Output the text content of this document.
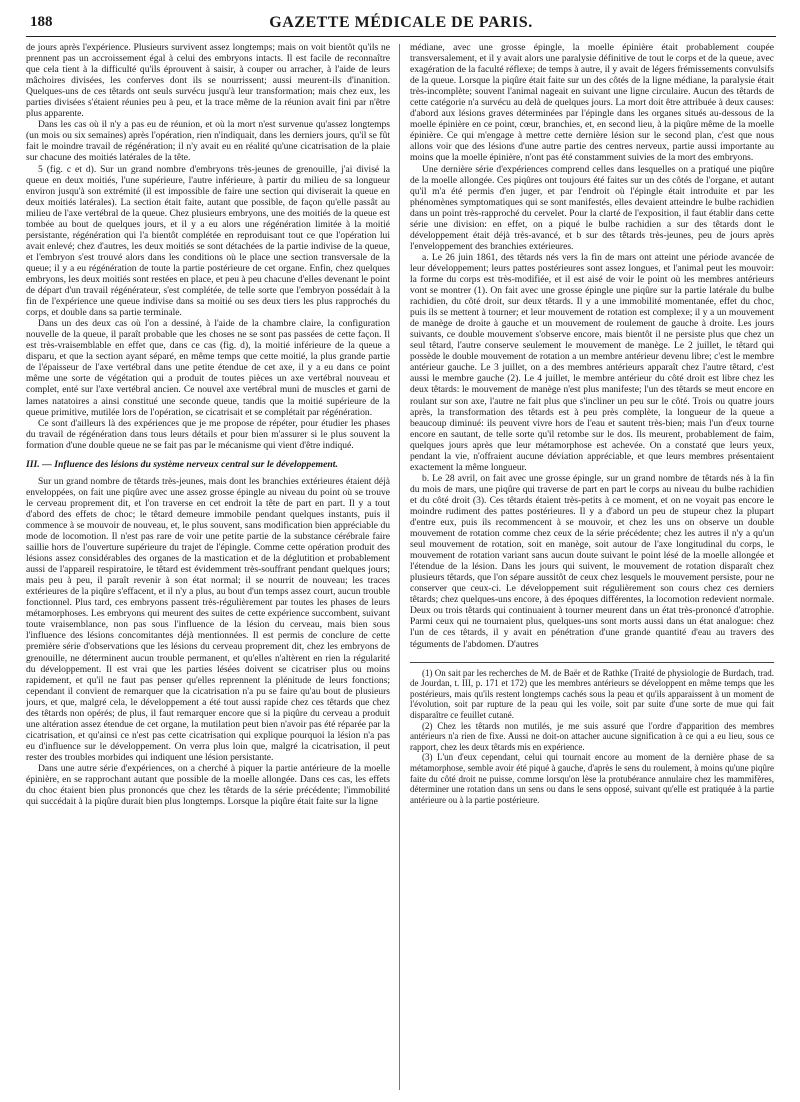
188	GAZETTE MÉDICALE DE PARIS.

de jours après l'expérience. Plusieurs survivent assez longtemps; mais on voit bientôt qu'ils ne prennent pas un accroissement égal à celui des embryons intacts. Il est facile de reconnaître que cela tient à la difficulté qu'ils éprouvent à saisir, à couper ou arracher, à l'aide de leurs mâchoires divisées, les conferves dont ils se nourrissent; aussi meurent-ils d'inanition. Quelques-uns de ces têtards ont seuls survécu jusqu'à leur transformation; mais chez eux, les parties divisées s'étaient réunies peu à peu, et la trace même de la réunion avait fini par n'être plus apparente.

Dans les cas où il n'y a pas eu de réunion, et où la mort n'est survenue qu'assez longtemps (un mois ou six semaines) après l'opération, rien n'indiquait, dans les derniers jours, qu'il se fût fait le moindre travail de régénération; il n'y avait eu en réalité qu'une cicatrisation de la plaie sur chacune des moitiés latérales de la tête.

5 (fig. c et d). Sur un grand nombre d'embryons très-jeunes de grenouille, j'ai divisé la queue en deux moitiés, l'une supérieure, l'autre inférieure, à partir du milieu de sa longueur environ jusqu'à son extrémité (il est impossible de faire une section qui diviserait la queue en deux moitiés latérales). La section était faite, autant que possible, de façon qu'elle passât au milieu de l'axe vertébral de la queue. Chez plusieurs embryons, une des moitiés de la queue est tombée au bout de quelques jours, et il y a eu alors une régénération limitée à la moitié persistante, régénération qui l'a bientôt complétée en reproduisant tout ce que l'opération lui avait enlevé; chez d'autres, les deux moitiés se sont détachées de la partie indivise de la queue, et l'embryon s'est trouvé alors dans les conditions où le place une section transversale de la queue; il y a eu régénération de toute la partie postérieure de cet organe. Enfin, chez quelques embryons, les deux moitiés sont restées en place, et peu à peu chacune d'elles devenant le point de départ d'un travail régénérateur, s'est complétée, de telle sorte que l'embryon possédait à la fin de l'expérience une queue indivise dans sa moitié ou ses deux tiers les plus rapprochés du corps, et double dans sa partie terminale.

Dans un des deux cas où l'on a dessiné, à l'aide de la chambre claire, la configuration nouvelle de la queue, il paraît probable que les choses ne se sont pas passées de cette façon. Il est très-vraisemblable en effet que, dans ce cas (fig. d), la moitié inférieure de la queue a disparu, et que la section ayant séparé, en même temps que cette moitié, la plus grande partie de l'épaisseur de l'axe vertébral dans une petite étendue de cet axe, il y a eu dans ce point même une sorte de végétation qui a produit de toutes pièces un axe vertébral nouveau et complet, enté sur l'axe vertébral ancien. Ce nouvel axe vertébral muni de muscles et garni de lames natatoires a ainsi constitué une seconde queue, tandis que la moitié supérieure de la queue primitive, mutilée lors de l'opération, se cicatrisait et se complétait par régénération.

Ce sont d'ailleurs là des expériences que je me propose de répéter, pour étudier les phases du travail de régénération dans tous leurs détails et pour bien m'assurer si le plus souvent la formation d'une double queue ne se fait pas par le mécanisme qui vient d'être indiqué.

III. — Influence des lésions du système nerveux central sur le développement.

Sur un grand nombre de têtards très-jeunes, mais dont les branchies extérieures étaient déjà enveloppées, on fait une piqûre avec une assez grosse épingle au niveau du point où se trouve le cerveau proprement dit, et l'on traverse en cet endroit la tête de part en part. Il y a tout d'abord des effets de choc; le têtard demeure immobile pendant quelques instants, puis il commence à se mouvoir de nouveau, et, le plus souvent, sans modification bien appréciable du mode de locomotion. Il n'est pas rare de voir une petite partie de la substance cérébrale faire saillie hors de l'ouverture supérieure du trajet de l'épingle. Comme cette opération produit des lésions assez considérables des organes de la mastication et de la déglutition et probablement aussi de l'appareil respiratoire, le têtard est évidemment très-souffrant pendant quelques jours; mais peu à peu, il paraît revenir à son état normal; il se nourrit de nouveau; les traces extérieures de la piqûre s'effacent, et il n'y a plus, au bout d'un temps assez court, aucun trouble fonctionnel. Plus tard, ces embryons passent très-régulièrement par toutes les phases de leurs métamorphoses. Les embryons qui meurent des suites de cette expérience succombent, suivant toute vraisemblance, non pas sous l'influence de la lésion du cerveau, mais bien sous l'influence des lésions concomitantes déjà mentionnées. Il est permis de conclure de cette première série d'observations que les lésions du cerveau proprement dit, chez les embryons de grenouille, ne déterminent aucun trouble permanent, et qu'elles n'altèrent en rien la régularité du développement. Il est vrai que les parties lésées doivent se cicatriser plus ou moins rapidement, et qu'il ne faut pas penser qu'elles reprennent la plénitude de leurs fonctions; cependant il convient de remarquer que la cicatrisation n'a pu se faire qu'au bout de plusieurs jours, et que, malgré cela, le développement a été tout aussi rapide chez ces têtards que chez des têtards non opérés; de plus, il faut remarquer encore que si la piqûre du cerveau a produit une altération assez étendue de cet organe, la mutilation peut bien n'avoir pas été réparée par la cicatrisation, et qu'ainsi ce n'est pas cette cicatrisation qui explique pourquoi la lésion n'a pas eu d'influence sur le développement. On verra plus loin que, malgré la cicatrisation, il peut rester des troubles morbides qui indiquent une lésion persistante.

Dans une autre série d'expériences, on a cherché à piquer la partie antérieure de la moelle épinière, en se rapprochant autant que possible de la moelle allongée. Dans ces cas, les effets du choc étaient bien plus prononcés que chez les têtards de la série précédente; l'immobilité qui succédait à la piqûre durait bien plus longtemps. Lorsque la piqûre était faite sur la ligne

médiane, avec une grosse épingle, la moelle épinière était probablement coupée transversalement, et il y avait alors une paralysie définitive de tout le corps et de la queue, avec exagération de la faculté réflexe; de temps à autre, il y avait de légers frémissements convulsifs de la queue. Lorsque la piqûre était faite sur un des côtés de la ligne médiane, la paralysie était très-incomplète; souvent l'animal nageait en suivant une ligne circulaire. Aucun des têtards de cette catégorie n'a survécu au delà de quelques jours. La mort doit être attribuée à deux causes: d'abord aux lésions graves déterminées par l'épingle dans les organes situés au-dessous de la moelle épinière en ce point, cœur, branchies, et, en second lieu, à la piqûre même de la moelle épinière. Ce qui m'engage à mettre cette dernière lésion sur le second plan, c'est que nous allons voir que des lésions d'une autre partie des centres nerveux, partie aussi importante au moins que la moelle épinière, n'ont pas été constamment suivies de la mort des embryons.

Une dernière série d'expériences comprend celles dans lesquelles on a pratiqué une piqûre de la moelle allongée. Ces piqûres ont toujours été faites sur un des côtés de l'organe, et autant qu'il m'a été permis d'en juger, et par l'endroit où l'épingle était introduite et par les phénomènes symptomatiques qui se sont manifestés, elles devaient atteindre le bulbe rachidien dans un point très-rapproché du cervelet. Pour la clarté de l'exposition, il faut établir dans cette série une division: en effet, on a piqué le bulbe rachidien a sur des têtards dont le développement était déjà très-avancé, et b sur des têtards très-jeunes, peu de jours après l'enveloppement des branchies extérieures.

a. Le 26 juin 1861, des têtards nés vers la fin de mars ont atteint une période avancée de leur développement; leurs pattes postérieures sont assez longues, et l'animal peut les mouvoir: la forme du corps est très-modifiée, et il est aisé de voir le point où les membres antérieurs vont se montrer (1). On fait avec une grosse épingle une piqûre sur la partie latérale du bulbe rachidien, du côté droit, sur deux têtards. Il y a une immobilité momentanée, effet du choc, puis ils se mettent à tourner; et leur mouvement de rotation est complexe; il y a un mouvement de manège de droite à gauche et un mouvement de roulement de gauche à droite. Les jours suivants, ce double mouvement s'observe encore, mais bientôt il ne persiste plus que chez un seul têtard, l'autre conserve seulement le mouvement de manège. Le 2 juillet, le têtard qui possède le double mouvement de rotation a un membre antérieur devenu libre; c'est le membre antérieur gauche. Le 3 juillet, on a des membres antérieurs apparaît chez l'autre têtard, c'est aussi le membre gauche (2). Le 4 juillet, le membre antérieur du côté droit est libre chez les deux têtards: le mouvement de manège n'est plus manifeste; l'un des têtards se meut encore en roulant sur son axe, l'autre ne fait plus que s'incliner un peu sur le côté. Trois ou quatre jours après, la transformation des têtards est à peu près complète, la longueur de la queue a beaucoup diminué: ils peuvent vivre hors de l'eau et sautent très-bien; mais l'un d'eux tourne encore en sautant, de telle sorte qu'il retombe sur le dos. Ils meurent, probablement de faim, quelques jours après que leur métamorphose est achevée. On a constaté que leurs yeux, pendant la vie, n'offraient aucune déviation appréciable, et que leurs membres présentaient exactement la même longueur.

b. Le 28 avril, on fait avec une grosse épingle, sur un grand nombre de têtards nés à la fin du mois de mars, une piqûre qui traverse de part en part le corps au niveau du bulbe rachidien et du côté droit (3). Ces têtards étaient très-petits à ce moment, et on ne voyait pas encore le moindre rudiment des pattes postérieures. Il y a d'abord un peu de stupeur chez la plupart d'entre eux, puis ils recommencent à se mouvoir, et chez les uns on observe un double mouvement de rotation comme chez ceux de la série précédente; chez les autres il n'y a qu'un seul mouvement de rotation, soit en manège, soit autour de l'axe longitudinal du corps, le mouvement de rotation variant sans aucun doute suivant le point lésé de la moelle allongée et l'étendue de la lésion. Dans les jours qui suivent, le mouvement de rotation disparaît chez plusieurs têtards, que l'on sépare aussitôt de ceux chez lesquels le mouvement persiste, pour ne conserver que ceux-ci. Le développement suit régulièrement son cours chez ces derniers têtards; chez quelques-uns encore, à des époques différentes, la locomotion redevient normale. Deux ou trois têtards qui continuaient à tourner meurent dans un état très-prononcé d'atrophie. Parmi ceux qui ne tournaient plus, quelques-uns sont morts aussi dans un état analogue: chez l'un de ces têtards, il y avait en pénétration d'une grande quantité d'eau au travers des téguments de l'abdomen. D'autres

(1) On sait par les recherches de M. de Baër et de Rathke (Traité de physiologie de Burdach, trad. de Jourdan, t. III, p. 171 et 172) que les membres antérieurs se développent en même temps que les postérieurs, mais qu'ils restent longtemps cachés sous la peau et qu'ils apparaissent à un moment de l'évolution, soit par rupture de la peau qui les voile, soit par suite d'une sorte de mue qui fait disparaître ce feuillet cutané.

(2) Chez les têtards non mutilés, je me suis assuré que l'ordre d'apparition des membres antérieurs n'a rien de fixe. Aussi ne doit-on attacher aucune signification à ce qui a eu lieu, sous ce rapport, chez les deux têtards mis en expérience.

(3) L'un d'eux cependant, celui qui tournait encore au moment de la dernière phase de sa métamorphose, semble avoir été piqué à gauche, d'après le sens du roulement, à moins qu'une piqûre faite du côté droit ne puisse, comme lorsqu'on lèse la protubérance annulaire chez les mammifères, déterminer une rotation dans un sens ou dans le sens opposé, suivant qu'elle est pratiquée à la partie antérieure ou à la partie postérieure.
